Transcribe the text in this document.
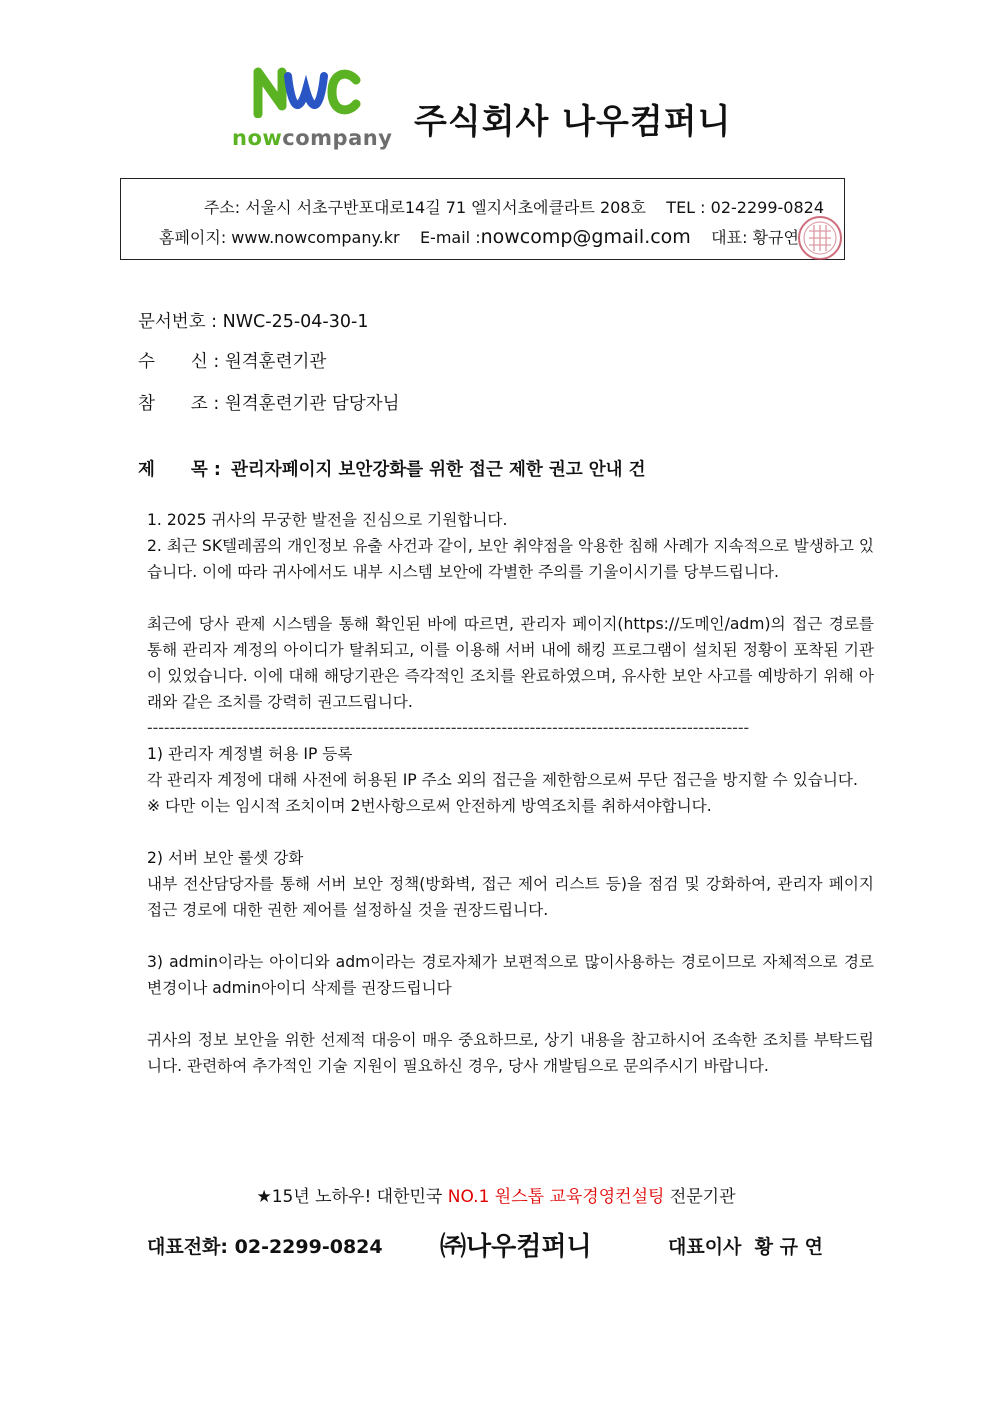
nowcompany 주식회사 나우컴퍼니
주소: 서울시 서초구반포대로14길 71 엘지서초에클라트 208호 TEL : 02-2299-0824
홈페이지: www.nowcompany.kr E-mail :nowcomp@gmail.com 대표: 황규연
문서번호 : NWC-25-04-30-1
수 신 : 원격훈련기관
참 조 : 원격훈련기관 담당자님
제 목 : 관리자페이지 보안강화를 위한 접근 제한 권고 안내 건

1. 2025 귀사의 무궁한 발전을 진심으로 기원합니다.

2. 최근 SK텔레콤의 개인정보 유출 사건과 같이, 보안 취약점을 악용한 침해 사례가 지속적으로 발생하고 있습니다. 이에 따라 귀사에서도 내부 시스템 보안에 각별한 주의를 기울이시기를 당부드립니다.

최근에 당사 관제 시스템을 통해 확인된 바에 따르면, 관리자 페이지(https://도메인/adm)의 접근 경로를 통해 관리자 계정의 아이디가 탈취되고, 이를 이용해 서버 내에 해킹 프로그램이 설치된 정황이 포착된 기관이 있었습니다. 이에 대해 해당기관은 즉각적인 조치를 완료하였으며, 유사한 보안 사고를 예방하기 위해 아래와 같은 조치를 강력히 권고드립니다.

-----------------------------------------------------------------------------------------------------------

1) 관리자 계정별 허용 IP 등록

각 관리자 계정에 대해 사전에 허용된 IP 주소 외의 접근을 제한함으로써 무단 접근을 방지할 수 있습니다.

※ 다만 이는 임시적 조치이며 2번사항으로써 안전하게 방역조치를 취하셔야합니다.

2) 서버 보안 룰셋 강화

내부 전산담당자를 통해 서버 보안 정책(방화벽, 접근 제어 리스트 등)을 점검 및 강화하여, 관리자 페이지 접근 경로에 대한 권한 제어를 설정하실 것을 권장드립니다.

3) admin이라는 아이디와 adm이라는 경로자체가 보편적으로 많이사용하는 경로이므로 자체적으로 경로변경이나 admin아이디 삭제를 권장드립니다

귀사의 정보 보안을 위한 선제적 대응이 매우 중요하므로, 상기 내용을 참고하시어 조속한 조치를 부탁드립니다. 관련하여 추가적인 기술 지원이 필요하신 경우, 당사 개발팀으로 문의주시기 바랍니다.

★15년 노하우! 대한민국 NO.1 원스톱 교육경영컨설팅 전문기관
대표전화: 02-2299-0824 ㈜나우컴퍼니	대표이사  황 규 연
